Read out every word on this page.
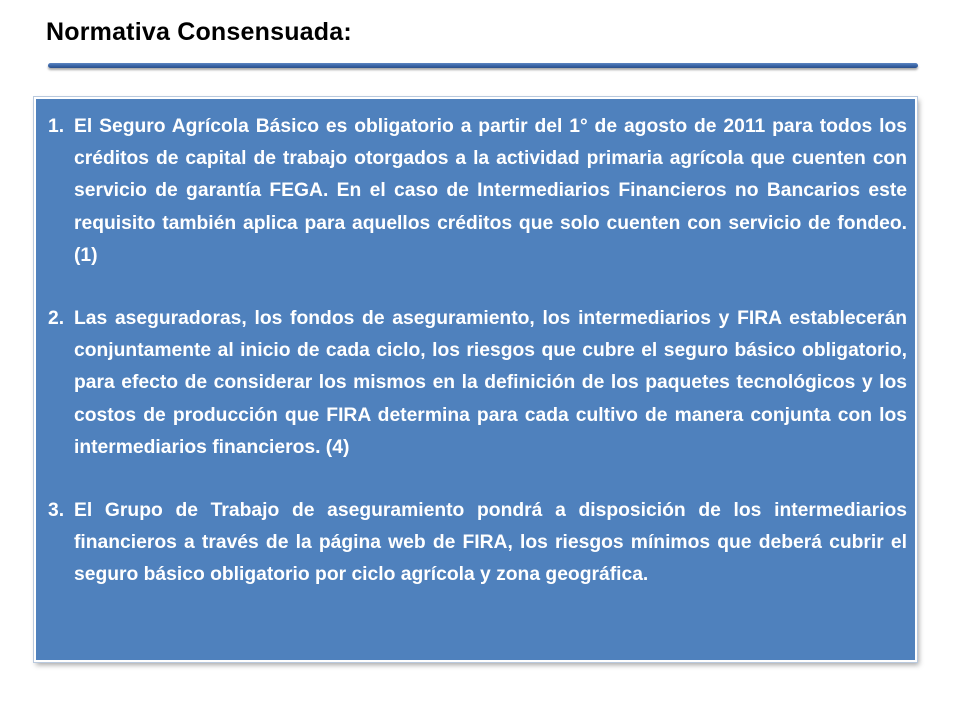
Normativa Consensuada:
1. El Seguro Agrícola Básico es obligatorio a partir del 1° de agosto de 2011 para todos los créditos de capital de trabajo otorgados a la actividad primaria agrícola que cuenten con servicio de garantía FEGA. En el caso de Intermediarios Financieros no Bancarios este requisito también aplica para aquellos créditos que solo cuenten con servicio de fondeo. (1)
2. Las aseguradoras, los fondos de aseguramiento, los intermediarios y FIRA establecerán conjuntamente al inicio de cada ciclo, los riesgos que cubre el seguro básico obligatorio, para efecto de considerar los mismos en la definición de los paquetes tecnológicos y los costos de producción que FIRA determina para cada cultivo de manera conjunta con los intermediarios financieros. (4)
3. El Grupo de Trabajo de aseguramiento pondrá a disposición de los intermediarios financieros a través de la página web de FIRA, los riesgos mínimos que deberá cubrir el seguro básico obligatorio por ciclo agrícola y zona geográfica.
